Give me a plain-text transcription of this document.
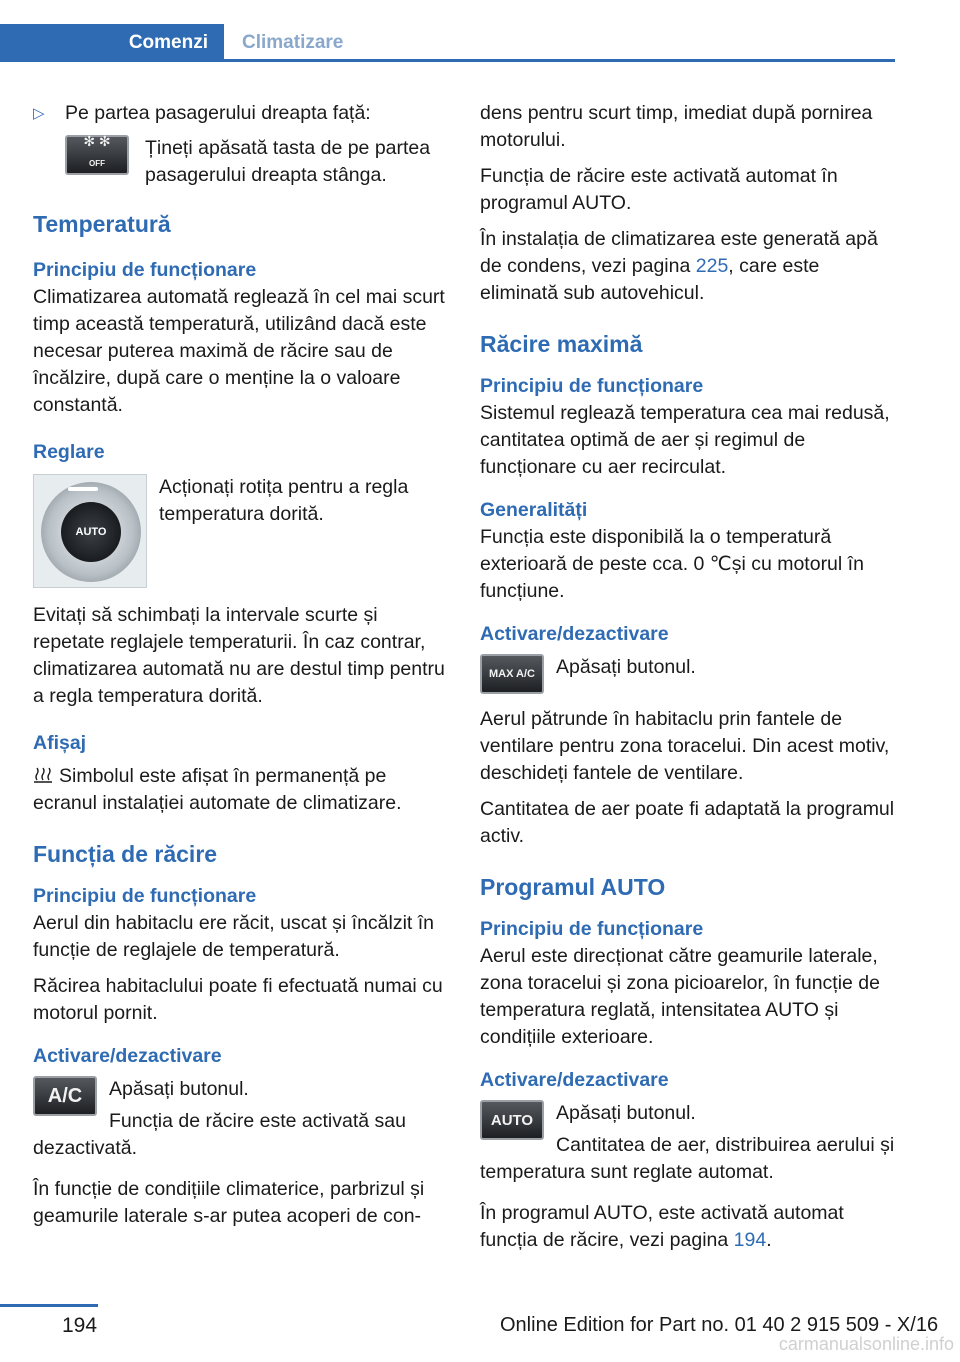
Comenzi	Climatizare
▷	Pe partea pasagerului dreapta față:
✻ ✻
OFF
Țineți apăsată tasta de pe partea pasagerului dreapta stânga.
Temperatură
Principiu de funcționare

Climatizarea automată reglează în cel mai scurt timp această temperatură, utilizând dacă este necesar puterea maximă de răcire sau de încălzire, după care o menține la o valoare constantă.

Reglare
AUTO
Acționați rotița pentru a regla temperatura dorită.

Evitați să schimbați la intervale scurte și repetate reglajele temperaturii. În caz contrar, climatizarea automată nu are destul timp pentru a regla temperatura dorită.

Afișaj

Simbolul este afișat în permanență pe ecranul instalației automate de climatizare.

Funcția de răcire
Principiu de funcționare

Aerul din habitaclu ere răcit, uscat și încălzit în funcție de reglajele de temperatură.

Răcirea habitaclului poate fi efectuată numai cu motorul pornit.

Activare/dezactivare
A/C	Apăsați butonul.

Funcția de răcire este activată sau dezactivată.

În funcție de condițiile climaterice, parbrizul și geamurile laterale s-ar putea acoperi de con-

dens pentru scurt timp, imediat după pornirea motorului.

Funcția de răcire este activată automat în programul AUTO.

În instalația de climatizarea este generată apă de condens, vezi pagina 225, care este eliminată sub autovehicul.

Răcire maximă
Principiu de funcționare

Sistemul reglează temperatura cea mai redusă, cantitatea optimă de aer și regimul de funcționare cu aer recirculat.

Generalități

Funcția este disponibilă la o temperatură exterioară de peste cca. 0 ℃și cu motorul în funcțiune.

Activare/dezactivare
MAX A/C	Apăsați butonul.

Aerul pătrunde în habitaclu prin fantele de ventilare pentru zona toracelui. Din acest motiv, deschideți fantele de ventilare.

Cantitatea de aer poate fi adaptată la programul activ.

Programul AUTO
Principiu de funcționare

Aerul este direcționat către geamurile laterale, zona toracelui și zona picioarelor, în funcție de temperatura reglată, intensitatea AUTO și condițiile exterioare.

Activare/dezactivare
AUTO	Apăsați butonul.

Cantitatea de aer, distribuirea aerului și temperatura sunt reglate automat.

În programul AUTO, este activată automat funcția de răcire, vezi pagina 194.

194	Online Edition for Part no. 01 40 2 915 509 - X/16
carmanualsonline.info
